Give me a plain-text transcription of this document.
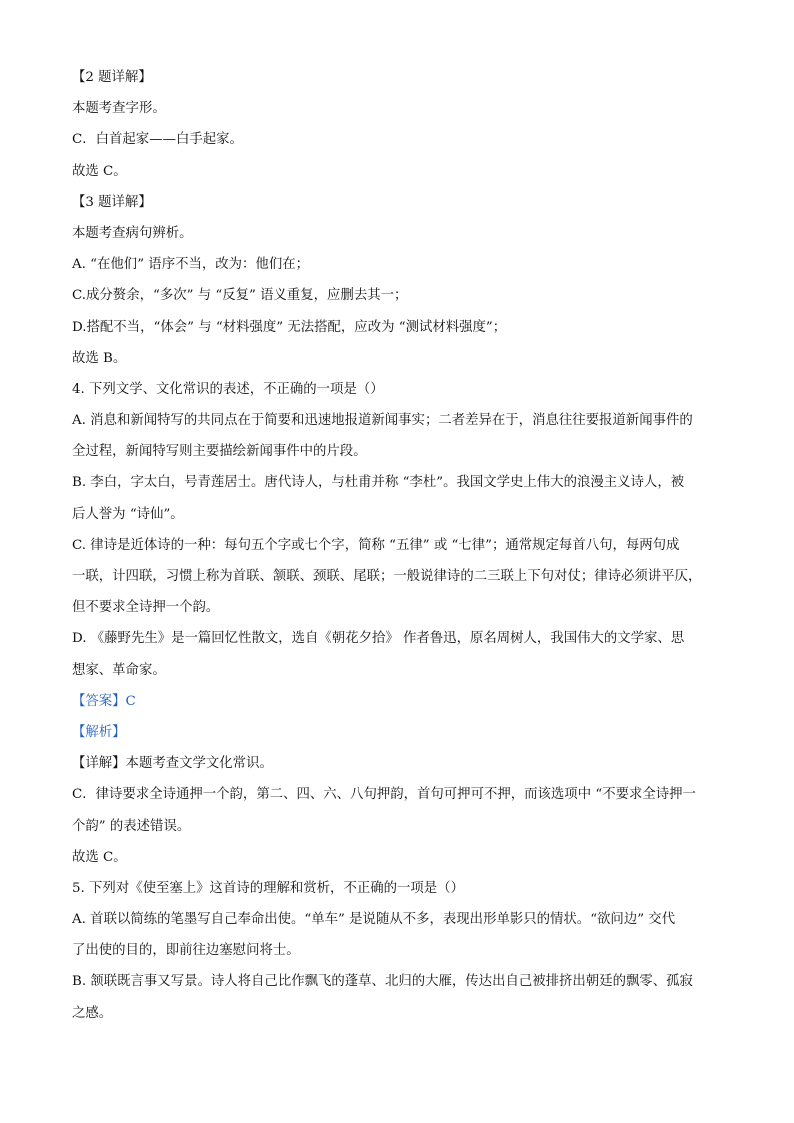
【2 题详解】
本题考查字形。
C．白首起家——白手起家。
故选 C。
【3 题详解】
本题考查病句辨析。
A. “在他们” 语序不当，改为：他们在；
C.成分赘余，“多次” 与 “反复” 语义重复，应删去其一；
D.搭配不当，“体会” 与 “材料强度” 无法搭配，应改为 “测试材料强度”；
故选 B。
4. 下列文学、文化常识的表述，不正确的一项是（）
A. 消息和新闻特写的共同点在于简要和迅速地报道新闻事实；二者差异在于，消息往往要报道新闻事件的
全过程，新闻特写则主要描绘新闻事件中的片段。
B. 李白，字太白，号青莲居士。唐代诗人，与杜甫并称 “李杜”。我国文学史上伟大的浪漫主义诗人，被
后人誉为 “诗仙”。
C. 律诗是近体诗的一种：每句五个字或七个字，简称 “五律” 或 “七律”；通常规定每首八句，每两句成
一联，计四联，习惯上称为首联、颔联、颈联、尾联；一般说律诗的二三联上下句对仗；律诗必须讲平仄，
但不要求全诗押一个韵。
D. 《藤野先生》是一篇回忆性散文，选自《朝花夕拾》 作者鲁迅，原名周树人，我国伟大的文学家、思
想家、革命家。
【答案】C
【解析】
【详解】本题考查文学文化常识。
C．律诗要求全诗通押一个韵，第二、四、六、八句押韵，首句可押可不押，而该选项中 “不要求全诗押一
个韵” 的表述错误。
故选 C。
5. 下列对《使至塞上》这首诗的理解和赏析，不正确的一项是（）
A. 首联以简练的笔墨写自己奉命出使。“单车” 是说随从不多，表现出形单影只的情状。“欲问边” 交代
了出使的目的，即前往边塞慰问将士。
B. 颔联既言事又写景。诗人将自己比作飘飞的蓬草、北归的大雁，传达出自己被排挤出朝廷的飘零、孤寂
之感。
